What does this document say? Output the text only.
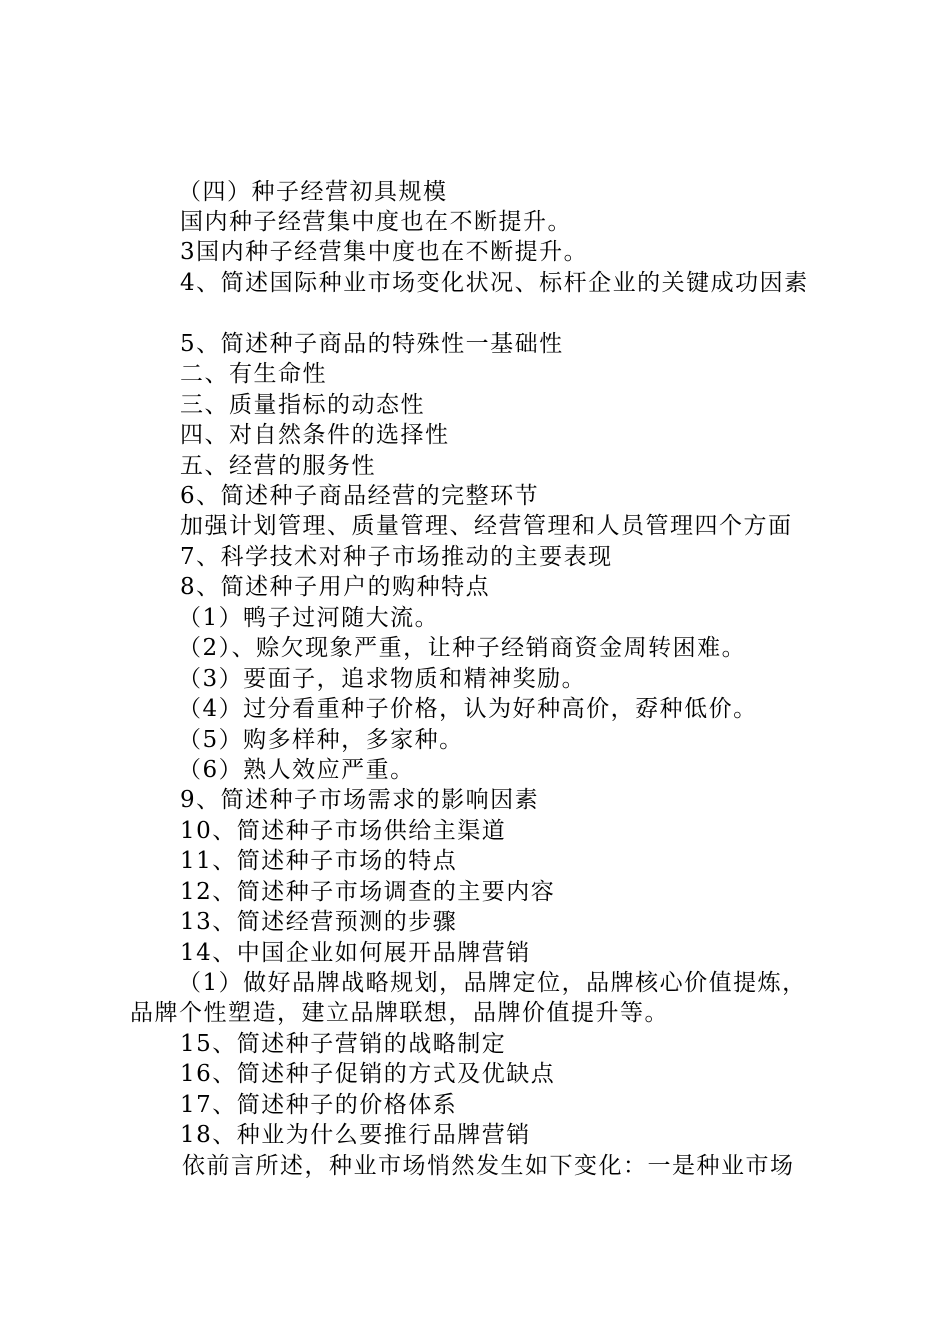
（四）种子经营初具规模
国内种子经营集中度也在不断提升。
3国内种子经营集中度也在不断提升。
4、简述国际种业市场变化状况、标杆企业的关键成功因素
5、简述种子商品的特殊性一基础性
二、有生命性
三、质量指标的动态性
四、对自然条件的选择性
五、经营的服务性
6、简述种子商品经营的完整环节
加强计划管理、质量管理、经营管理和人员管理四个方面
7、科学技术对种子市场推动的主要表现
8、简述种子用户的购种特点
（1）鸭子过河随大流。
（2）、赊欠现象严重，让种子经销商资金周转困难。
（3）要面子，追求物质和精神奖励。
（4）过分看重种子价格，认为好种高价，孬种低价。
（5）购多样种，多家种。
（6）熟人效应严重。
9、简述种子市场需求的影响因素
10、简述种子市场供给主渠道
11、简述种子市场的特点
12、简述种子市场调查的主要内容
13、简述经营预测的步骤
14、中国企业如何展开品牌营销
（1）做好品牌战略规划，品牌定位，品牌核心价值提炼，
品牌个性塑造，建立品牌联想，品牌价值提升等。
15、简述种子营销的战略制定
16、简述种子促销的方式及优缺点
17、简述种子的价格体系
18、种业为什么要推行品牌营销
依前言所述，种业市场悄然发生如下变化：一是种业市场
